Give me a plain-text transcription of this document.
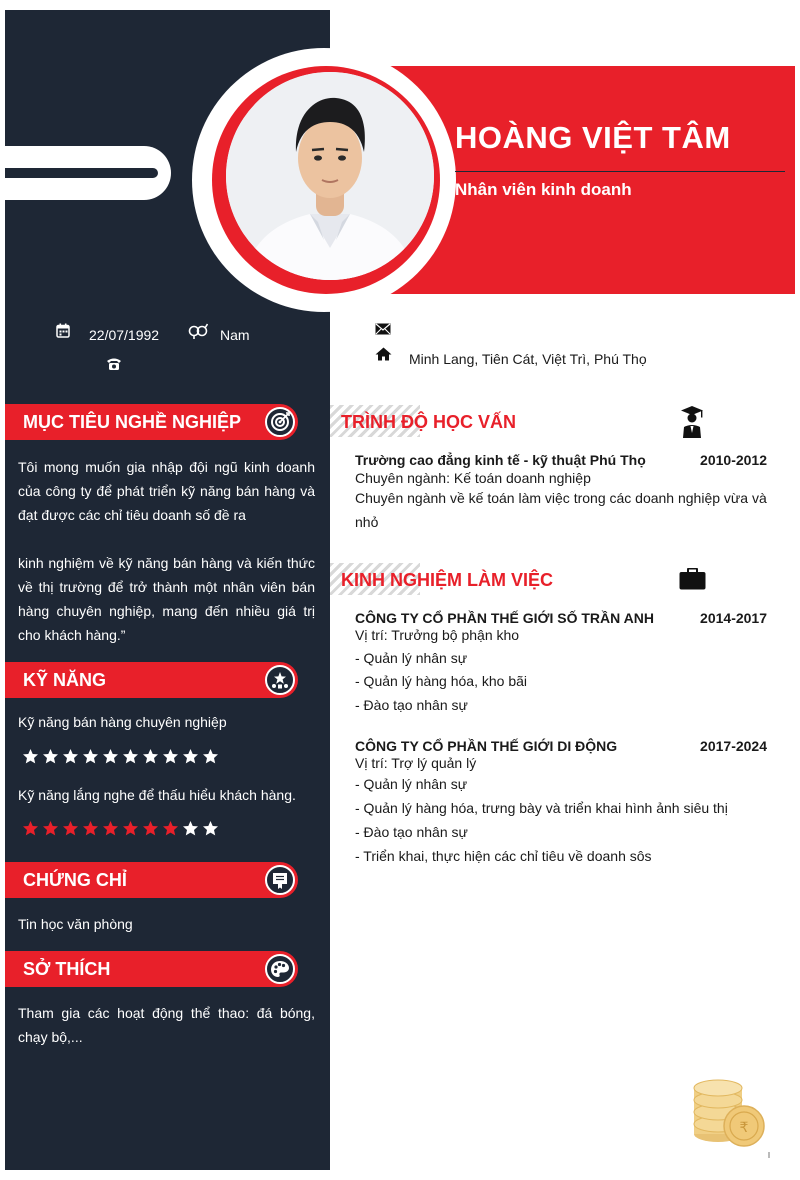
HOÀNG VIỆT TÂM
Nhân viên kinh doanh
22/07/1992	Nam
Minh Lang, Tiên Cát, Việt Trì, Phú Thọ
MỤC TIÊU NGHỀ NGHIỆP
Tôi mong muốn gia nhập đội ngũ kinh doanh của công ty để phát triển kỹ năng bán hàng và đạt được các chỉ tiêu doanh số đề ra
kinh nghiệm về kỹ năng bán hàng và kiến thức về thị trường để trở thành một nhân viên bán hàng chuyên nghiệp, mang đến nhiều giá trị cho khách hàng.”
KỸ NĂNG
Kỹ năng bán hàng chuyên nghiệp
Kỹ năng lắng nghe để thấu hiểu khách hàng.
CHỨNG CHỈ
Tin học văn phòng
SỞ THÍCH
Tham gia các hoạt động thể thao: đá bóng, chạy bộ,...
TRÌNH ĐỘ HỌC VẤN
Trường cao đẳng kinh tế - kỹ thuật Phú Thọ	2010-2012
Chuyên ngành: Kế toán doanh nghiệp
Chuyên ngành về kế toán làm việc trong các doanh nghiệp vừa và nhỏ
KINH NGHIỆM LÀM VIỆC
CÔNG TY CỔ PHẦN THẾ GIỚI SỐ TRẦN ANH	2014-2017
Vị trí: Trưởng bộ phận kho
- Quản lý nhân sự
- Quản lý hàng hóa, kho bãi
- Đào tạo nhân sự
CÔNG TY CỔ PHẦN THẾ GIỚI DI ĐỘNG	2017-2024
Vị trí: Trợ lý quản lý
- Quản lý nhân sự
- Quản lý hàng hóa, trưng bày và triển khai hình ảnh siêu thị
- Đào tạo nhân sự
- Triển khai, thực hiện các chỉ tiêu về doanh sôs
₹
